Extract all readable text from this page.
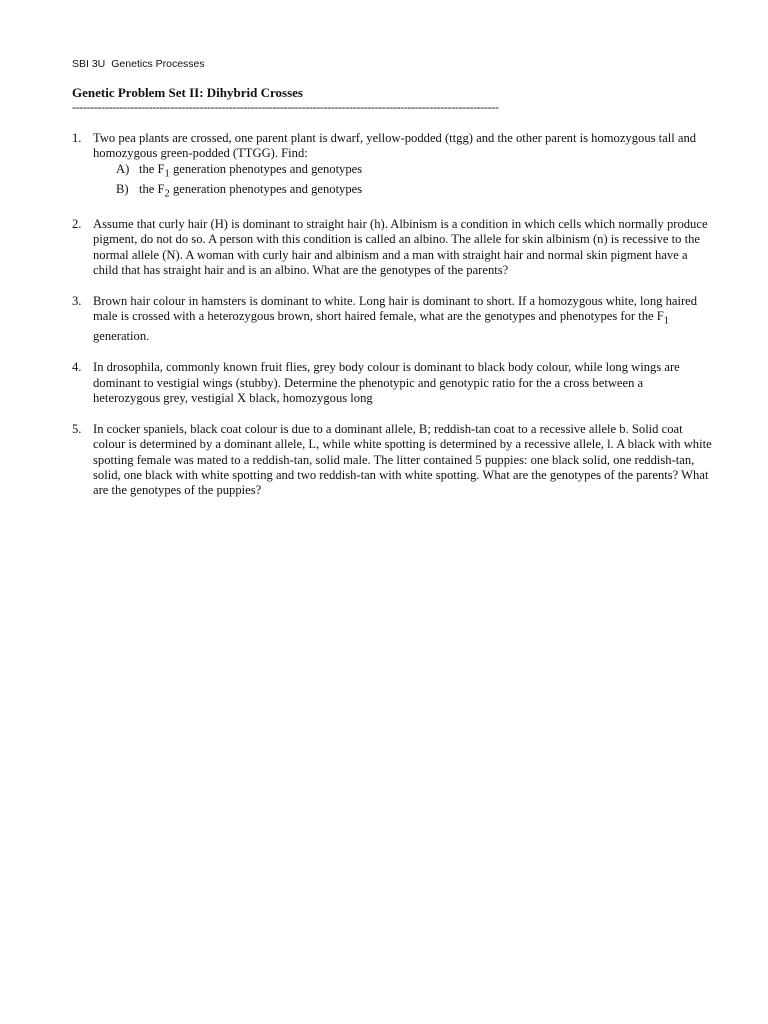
SBI 3U Genetics Processes
Genetic Problem Set II: Dihybrid Crosses
---------------------------------------------------------------------------------------------------------------------
1. Two pea plants are crossed, one parent plant is dwarf, yellow-podded (ttgg) and the other parent is homozygous tall and homozygous green-podded (TTGG). Find:
A) the $F_1$ generation phenotypes and genotypes
B) the $F_2$ generation phenotypes and genotypes
2. Assume that curly hair (H) is dominant to straight hair (h). Albinism is a condition in which cells which normally produce pigment, do not do so. A person with this condition is called an albino. The allele for skin albinism (n) is recessive to the normal allele (N). A woman with curly hair and albinism and a man with straight hair and normal skin pigment have a child that has straight hair and is an albino. What are the genotypes of the parents?
3. Brown hair colour in hamsters is dominant to white. Long hair is dominant to short. If a homozygous white, long haired male is crossed with a heterozygous brown, short haired female, what are the genotypes and phenotypes for the $F_1$ generation.
4. In drosophila, commonly known fruit flies, grey body colour is dominant to black body colour, while long wings are dominant to vestigial wings (stubby). Determine the phenotypic and genotypic ratio for the a cross between a heterozygous grey, vestigial X black, homozygous long
5. In cocker spaniels, black coat colour is due to a dominant allele, B; reddish-tan coat to a recessive allele b. Solid coat colour is determined by a dominant allele, L, while white spotting is determined by a recessive allele, l. A black with white spotting female was mated to a reddish-tan, solid male. The litter contained 5 puppies: one black solid, one reddish-tan, solid, one black with white spotting and two reddish-tan with white spotting. What are the genotypes of the parents? What are the genotypes of the puppies?
